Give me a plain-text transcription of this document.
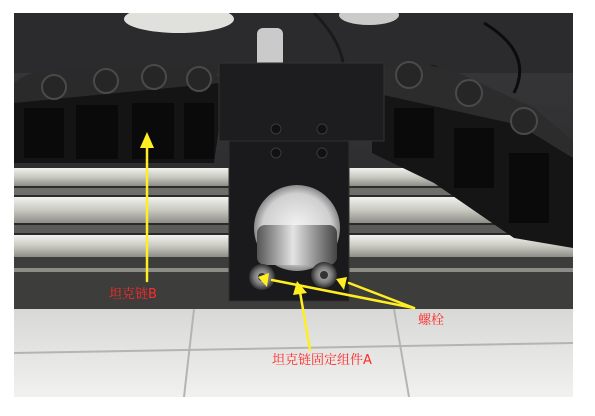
坦克链B
螺栓
坦克链固定组件A
